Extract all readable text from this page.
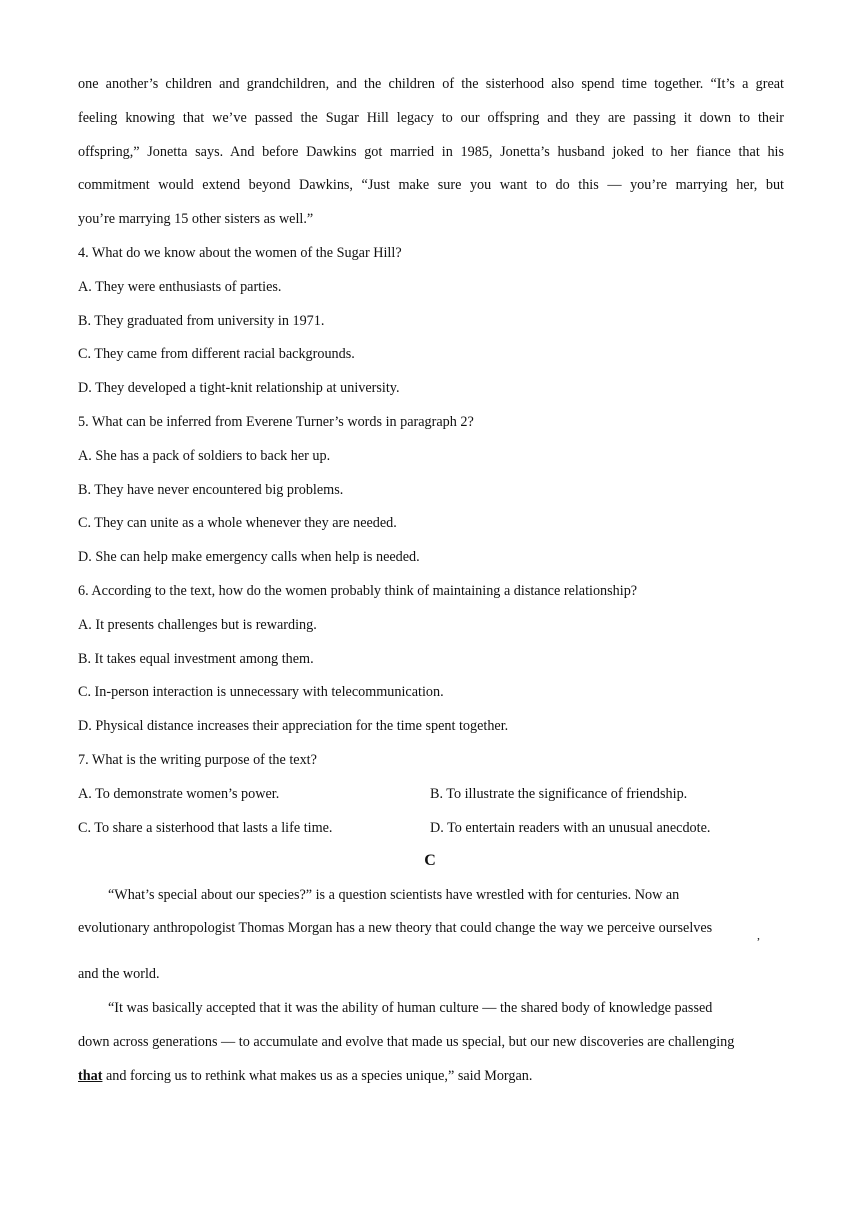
one another’s children and grandchildren, and the children of the sisterhood also spend time together. “It’s a great
feeling knowing that we’ve passed the Sugar Hill legacy to our offspring and they are passing it down to their
offspring,” Jonetta says. And before Dawkins got married in 1985, Jonetta’s husband joked to her fiance that his
commitment would extend beyond Dawkins, “Just make sure you want to do this — you’re marrying her, but
you’re marrying 15 other sisters as well.”
4. What do we know about the women of the Sugar Hill?
A. They were enthusiasts of parties.
B. They graduated from university in 1971.
C. They came from different racial backgrounds.
D. They developed a tight-knit relationship at university.
5. What can be inferred from Everene Turner’s words in paragraph 2?
A. She has a pack of soldiers to back her up.
B. They have never encountered big problems.
C. They can unite as a whole whenever they are needed.
D. She can help make emergency calls when help is needed.
6. According to the text, how do the women probably think of maintaining a distance relationship?
A. It presents challenges but is rewarding.
B. It takes equal investment among them.
C. In-person interaction is unnecessary with telecommunication.
D. Physical distance increases their appreciation for the time spent together.
7. What is the writing purpose of the text?
A. To demonstrate women’s power.	B. To illustrate the significance of friendship.
C. To share a sisterhood that lasts a life time.	D. To entertain readers with an unusual anecdote.
C
“What’s special about our species?” is a question scientists have wrestled with for centuries. Now an
evolutionary anthropologist Thomas Morgan has a new theory that could change the way we perceive ourselves	,
and the world.
“It was basically accepted that it was the ability of human culture — the shared body of knowledge passed
down across generations — to accumulate and evolve that made us special, but our new discoveries are challenging
that and forcing us to rethink what makes us as a species unique,” said Morgan.
